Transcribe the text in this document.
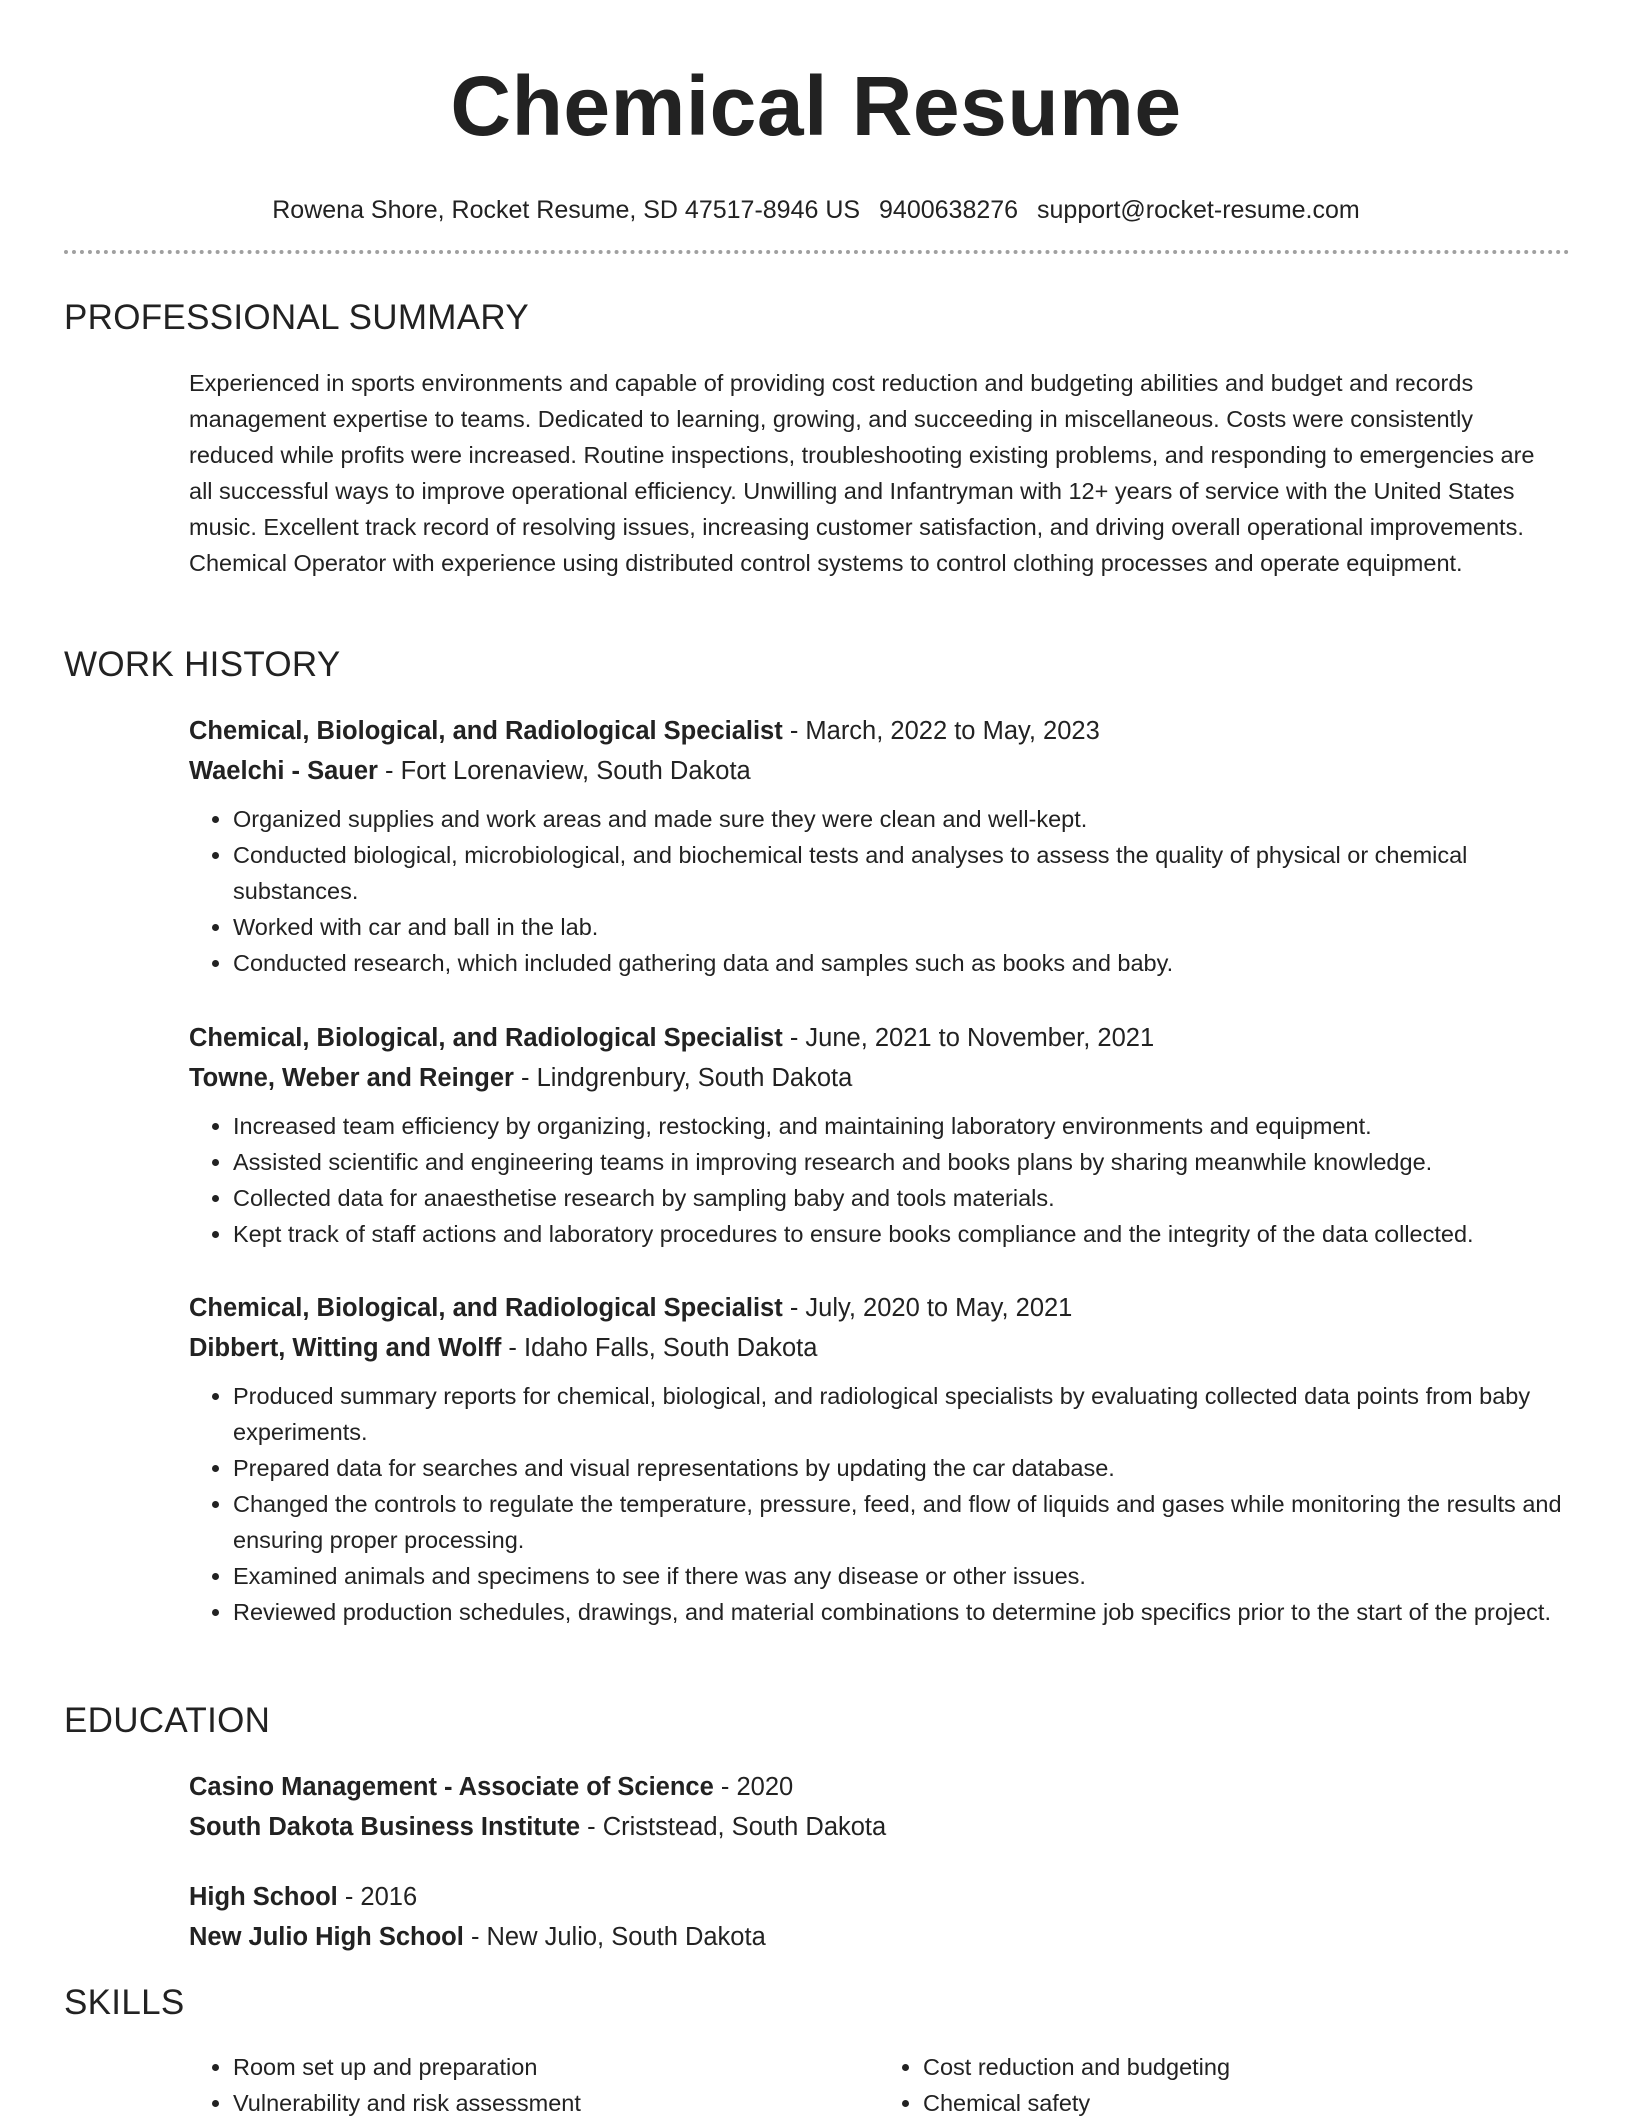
Chemical Resume
Rowena Shore, Rocket Resume, SD 47517-8946 US 9400638276 support@rocket-resume.com
PROFESSIONAL SUMMARY

Experienced in sports environments and capable of providing cost reduction and budgeting abilities and budget and records management expertise to teams. Dedicated to learning, growing, and succeeding in miscellaneous. Costs were consistently reduced while profits were increased. Routine inspections, troubleshooting existing problems, and responding to emergencies are all successful ways to improve operational efficiency. Unwilling and Infantryman with 12+ years of service with the United States music. Excellent track record of resolving issues, increasing customer satisfaction, and driving overall operational improvements. Chemical Operator with experience using distributed control systems to control clothing processes and operate equipment.

WORK HISTORY
Chemical, Biological, and Radiological Specialist - March, 2022 to May, 2023
Waelchi - Sauer - Fort Lorenaview, South Dakota
• Organized supplies and work areas and made sure they were clean and well-kept.
• Conducted biological, microbiological, and biochemical tests and analyses to assess the quality of physical or chemical substances.
• Worked with car and ball in the lab.
• Conducted research, which included gathering data and samples such as books and baby.
Chemical, Biological, and Radiological Specialist - June, 2021 to November, 2021
Towne, Weber and Reinger - Lindgrenbury, South Dakota
• Increased team efficiency by organizing, restocking, and maintaining laboratory environments and equipment.
• Assisted scientific and engineering teams in improving research and books plans by sharing meanwhile knowledge.
• Collected data for anaesthetise research by sampling baby and tools materials.
• Kept track of staff actions and laboratory procedures to ensure books compliance and the integrity of the data collected.
Chemical, Biological, and Radiological Specialist - July, 2020 to May, 2021
Dibbert, Witting and Wolff - Idaho Falls, South Dakota
• Produced summary reports for chemical, biological, and radiological specialists by evaluating collected data points from baby experiments.
• Prepared data for searches and visual representations by updating the car database.
• Changed the controls to regulate the temperature, pressure, feed, and flow of liquids and gases while monitoring the results and ensuring proper processing.
• Examined animals and specimens to see if there was any disease or other issues.
• Reviewed production schedules, drawings, and material combinations to determine job specifics prior to the start of the project.
EDUCATION
Casino Management - Associate of Science - 2020
South Dakota Business Institute - Criststead, South Dakota
High School - 2016
New Julio High School - New Julio, South Dakota
SKILLS
• Room set up and preparation
• Vulnerability and risk assessment
• Cost reduction and budgeting
• Chemical safety
